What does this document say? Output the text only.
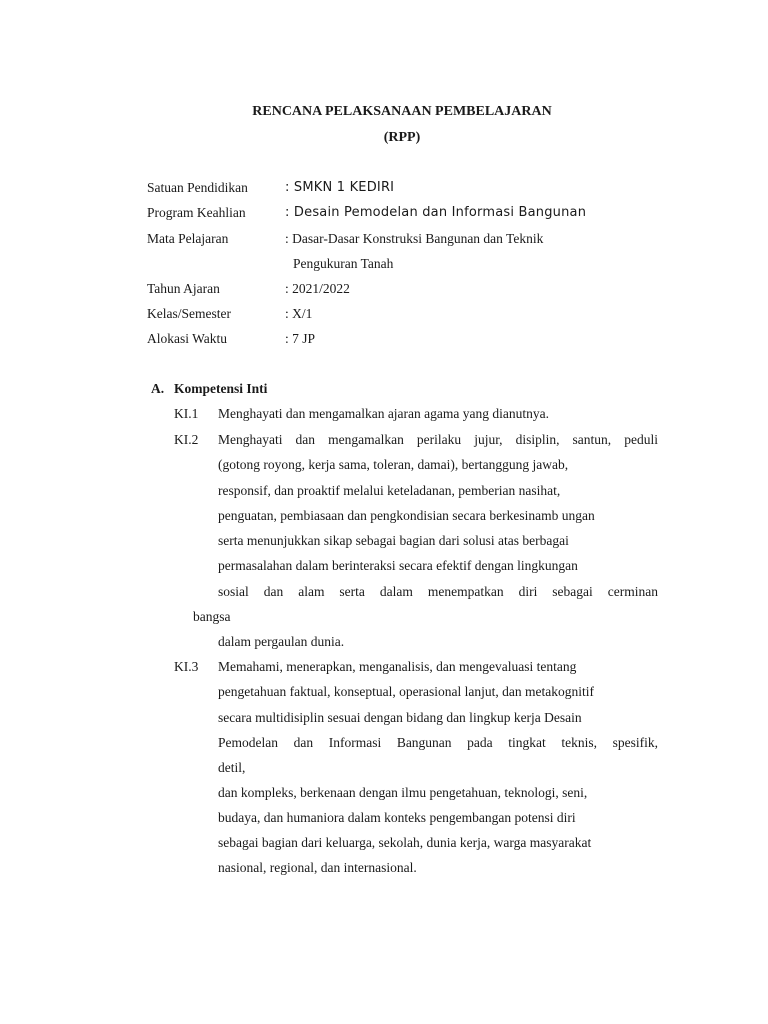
RENCANA PELAKSANAAN PEMBELAJARAN
(RPP)
Satuan Pendidikan	: SMKN 1 KEDIRI
Program Keahlian	: Desain Pemodelan dan Informasi Bangunan
Mata Pelajaran	: Dasar-Dasar Konstruksi Bangunan dan Teknik
Pengukuran Tanah
Tahun Ajaran	: 2021/2022
Kelas/Semester	: X/1
Alokasi Waktu	: 7 JP
A. Kompetensi Inti
KI.1 Menghayati dan mengamalkan ajaran agama yang dianutnya.
KI.2 Menghayati dan mengamalkan perilaku jujur, disiplin, santun, peduli
(gotong royong, kerja sama, toleran, damai), bertanggung jawab,
responsif, dan proaktif melalui keteladanan, pemberian nasihat,
penguatan, pembiasaan dan pengkondisian secara berkesinamb ungan
serta menunjukkan sikap sebagai bagian dari solusi atas berbagai
permasalahan dalam berinteraksi secara efektif dengan lingkungan
sosial dan alam serta dalam menempatkan diri sebagai cerminan
bangsa
dalam pergaulan dunia.
KI.3 Memahami, menerapkan, menganalisis, dan mengevaluasi tentang
pengetahuan faktual, konseptual, operasional lanjut, dan metakognitif
secara multidisiplin sesuai dengan bidang dan lingkup kerja Desain
Pemodelan dan Informasi Bangunan pada tingkat teknis, spesifik,
detil,
dan kompleks, berkenaan dengan ilmu pengetahuan, teknologi, seni,
budaya, dan humaniora dalam konteks pengembangan potensi diri
sebagai bagian dari keluarga, sekolah, dunia kerja, warga masyarakat
nasional, regional, dan internasional.
